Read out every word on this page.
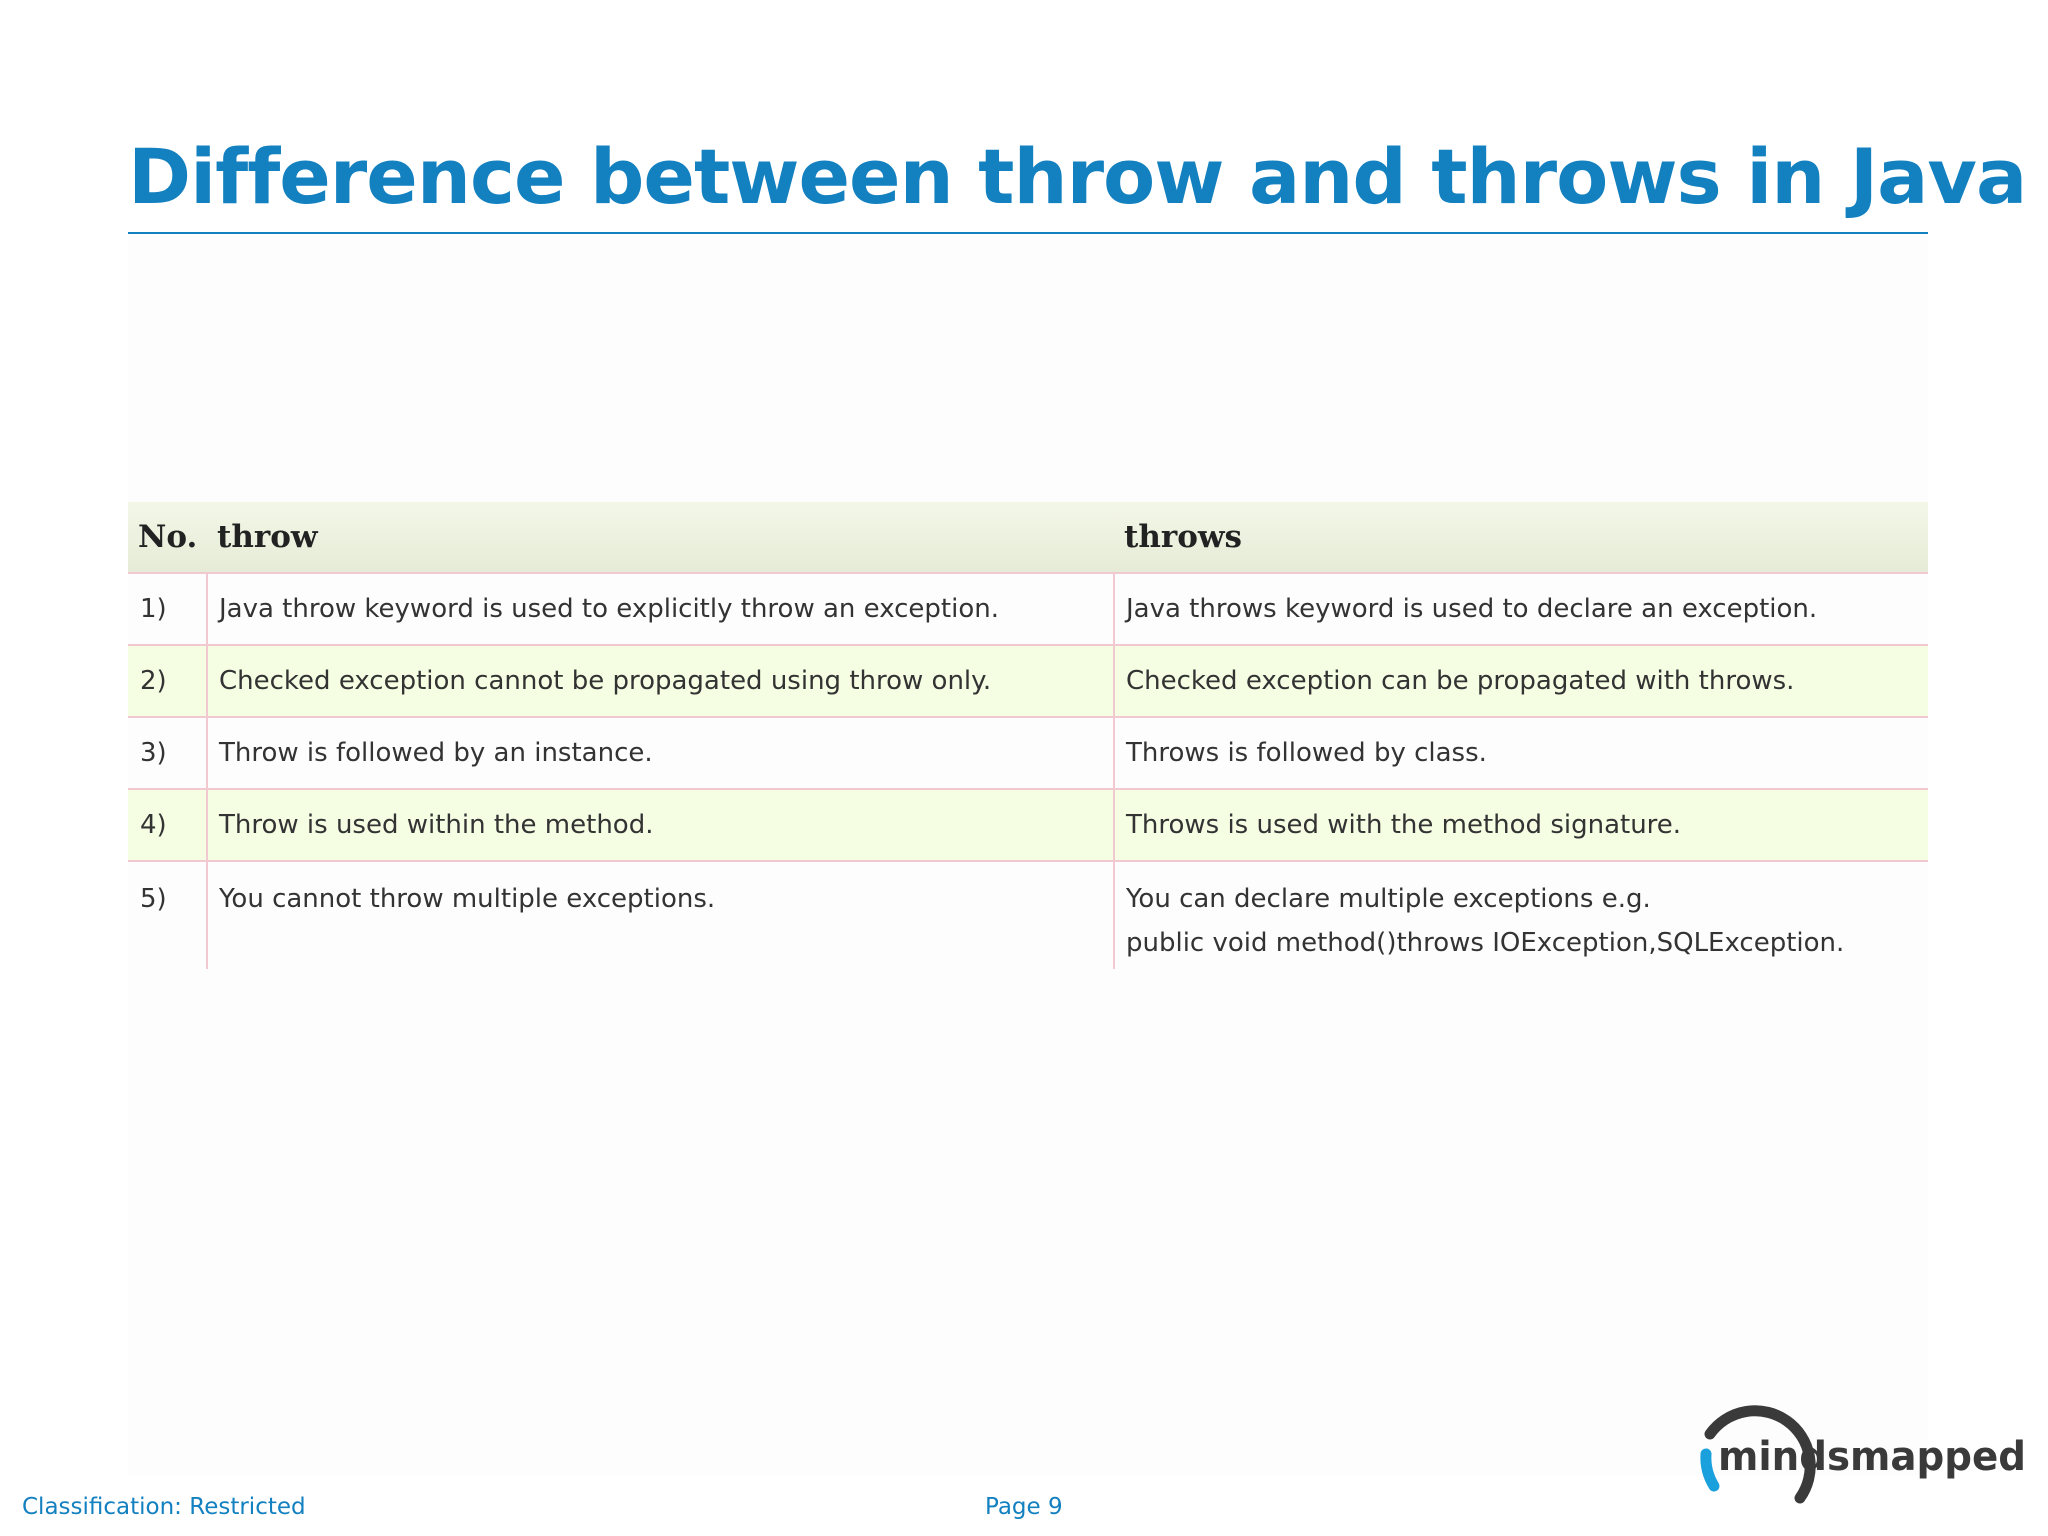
Difference between throw and throws in Java
No.	throw	throws
1)	Java throw keyword is used to explicitly throw an exception.	Java throws keyword is used to declare an exception.
2)	Checked exception cannot be propagated using throw only.	Checked exception can be propagated with throws.
3)	Throw is followed by an instance.	Throws is followed by class.
4)	Throw is used within the method.	Throws is used with the method signature.
5)	You cannot throw multiple exceptions.	You can declare multiple exceptions e.g.
public void method()throws IOException,SQLException.
Classification: Restricted	Page 9
mindsmapped
